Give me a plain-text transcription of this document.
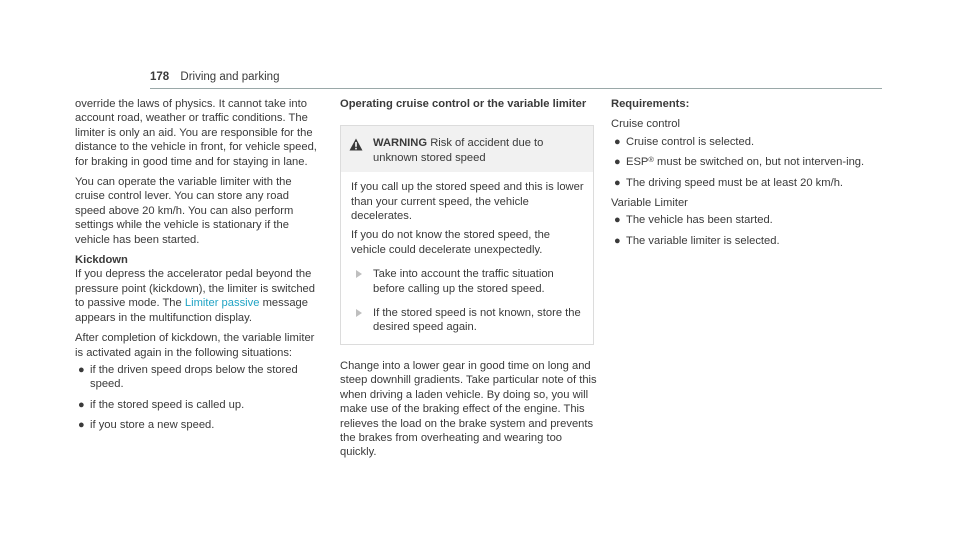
178 Driving and parking

override the laws of physics. It cannot take into account road, weather or traffic conditions. The limiter is only an aid. You are responsible for the distance to the vehicle in front, for vehicle speed, for braking in good time and for staying in lane.

You can operate the variable limiter with the cruise control lever. You can store any road speed above 20 km/h. You can also perform settings while the vehicle is stationary if the vehicle has been started.

Kickdown

If you depress the accelerator pedal beyond the pressure point (kickdown), the limiter is switched to passive mode. The Limiter passive message appears in the multifunction display.

After completion of kickdown, the variable limiter is activated again in the following situations:

● if the driven speed drops below the stored speed.
● if the stored speed is called up.
● if you store a new speed.
Operating cruise control or the variable limiter
WARNING Risk of accident due to unknown stored speed

If you call up the stored speed and this is lower than your current speed, the vehicle decelerates.

If you do not know the stored speed, the vehicle could decelerate unexpectedly.

Take into account the traffic situation before calling up the stored speed.
If the stored speed is not known, store the desired speed again.

Change into a lower gear in good time on long and steep downhill gradients. Take particular note of this when driving a laden vehicle. By doing so, you will make use of the braking effect of the engine. This relieves the load on the brake system and prevents the brakes from overheating and wearing too quickly.

Requirements:

Cruise control

● Cruise control is selected.
● ESP® must be switched on, but not interven-ing.
● The driving speed must be at least 20 km/h.

Variable Limiter

● The vehicle has been started.
● The variable limiter is selected.
